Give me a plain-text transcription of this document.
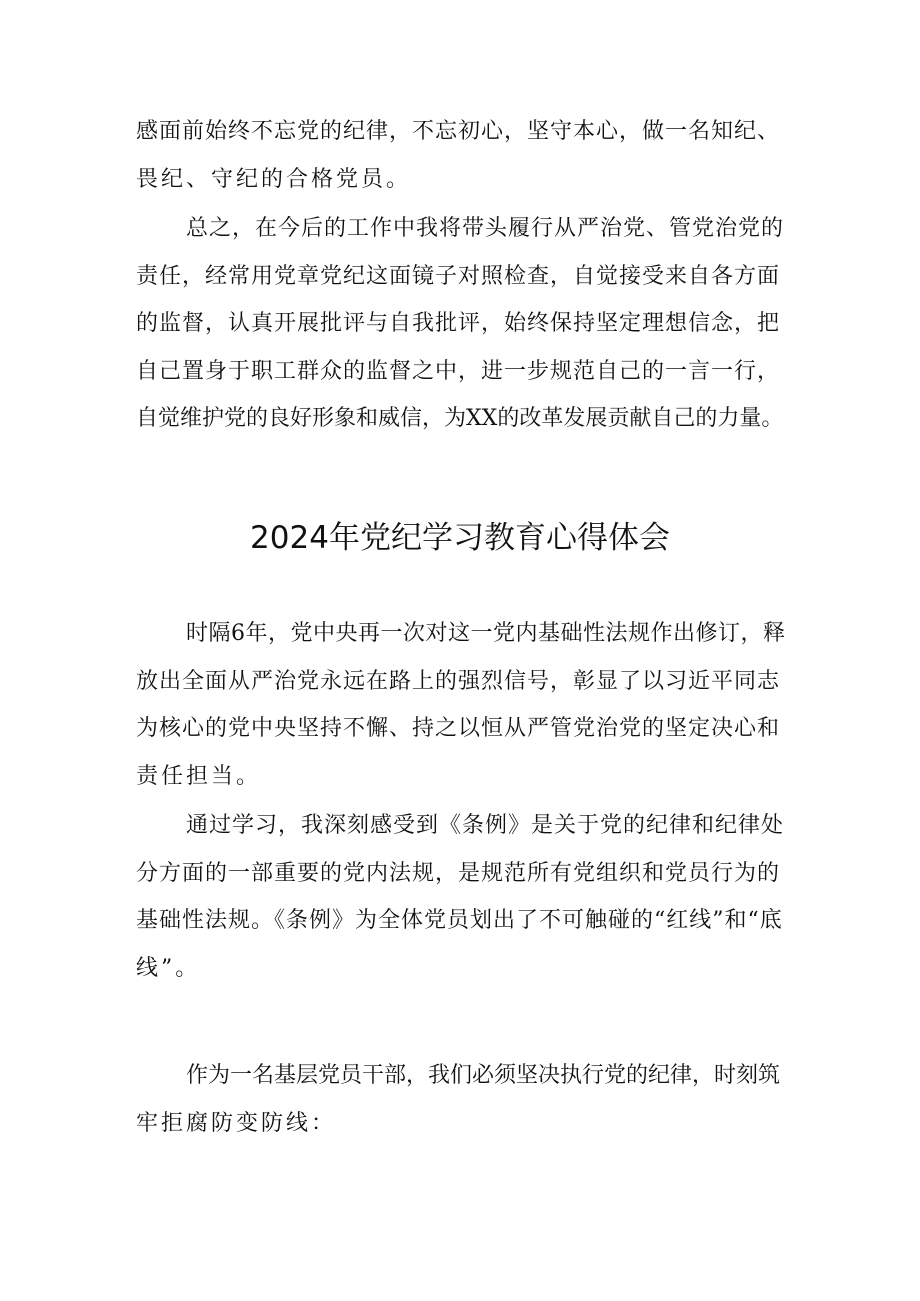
感面前始终不忘党的纪律，不忘初心，坚守本心，做一名知纪、
畏纪、守纪的合格党员。
总之，在今后的工作中我将带头履行从严治党、管党治党的
责任，经常用党章党纪这面镜子对照检查，自觉接受来自各方面
的监督，认真开展批评与自我批评，始终保持坚定理想信念，把
自己置身于职工群众的监督之中，进一步规范自己的一言一行，
自觉维护党的良好形象和威信，为XX的改革发展贡献自己的力量。
2024年党纪学习教育心得体会
时隔6年，党中央再一次对这一党内基础性法规作出修订，释
放出全面从严治党永远在路上的强烈信号，彰显了以习近平同志
为核心的党中央坚持不懈、持之以恒从严管党治党的坚定决心和
责任担当。
通过学习，我深刻感受到《条例》是关于党的纪律和纪律处
分方面的一部重要的党内法规，是规范所有党组织和党员行为的
基础性法规。《条例》为全体党员划出了不可触碰的“红线”和“底
线”。
作为一名基层党员干部，我们必须坚决执行党的纪律，时刻筑
牢拒腐防变防线：
